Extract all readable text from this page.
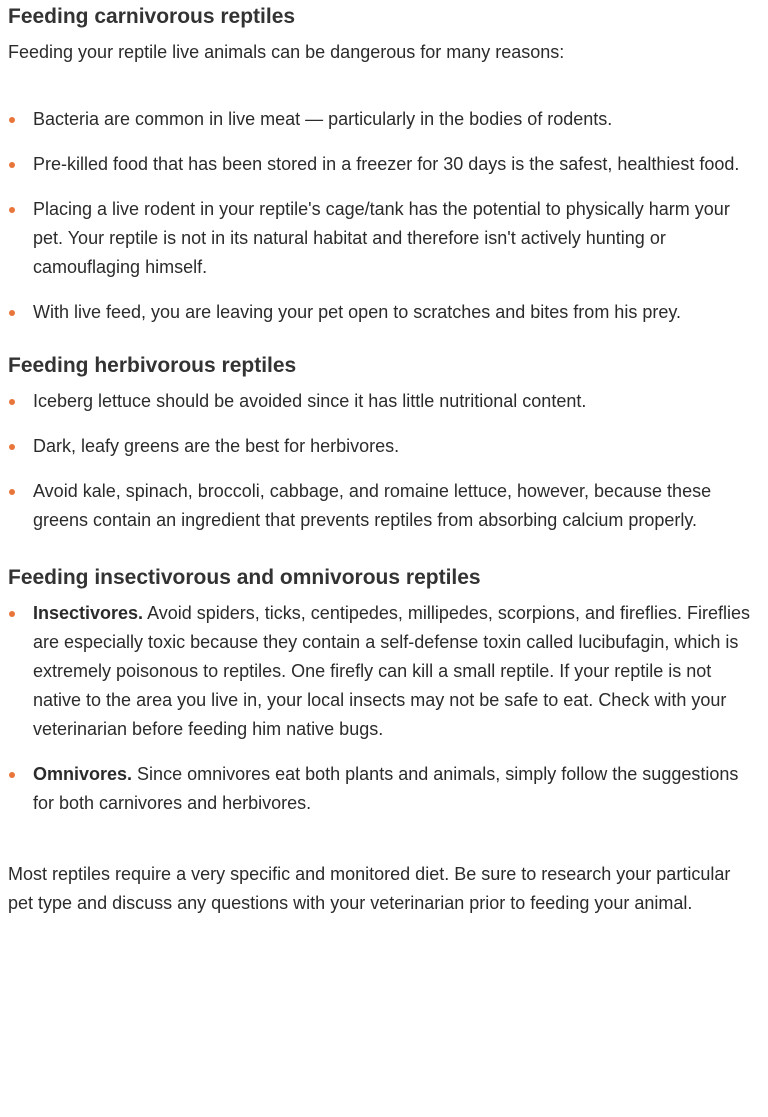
Feeding carnivorous reptiles

Feeding your reptile live animals can be dangerous for many reasons:

Bacteria are common in live meat — particularly in the bodies of rodents.
Pre-killed food that has been stored in a freezer for 30 days is the safest, healthiest food.
Placing a live rodent in your reptile's cage/tank has the potential to physically harm your pet. Your reptile is not in its natural habitat and therefore isn't actively hunting or camouflaging himself.
With live feed, you are leaving your pet open to scratches and bites from his prey.
Feeding herbivorous reptiles
Iceberg lettuce should be avoided since it has little nutritional content.
Dark, leafy greens are the best for herbivores.
Avoid kale, spinach, broccoli, cabbage, and romaine lettuce, however, because these greens contain an ingredient that prevents reptiles from absorbing calcium properly.
Feeding insectivorous and omnivorous reptiles
Insectivores. Avoid spiders, ticks, centipedes, millipedes, scorpions, and fireflies. Fireflies are especially toxic because they contain a self-defense toxin called lucibufagin, which is extremely poisonous to reptiles. One firefly can kill a small reptile. If your reptile is not native to the area you live in, your local insects may not be safe to eat. Check with your veterinarian before feeding him native bugs.
Omnivores. Since omnivores eat both plants and animals, simply follow the suggestions for both carnivores and herbivores.

Most reptiles require a very specific and monitored diet. Be sure to research your particular pet type and discuss any questions with your veterinarian prior to feeding your animal.
